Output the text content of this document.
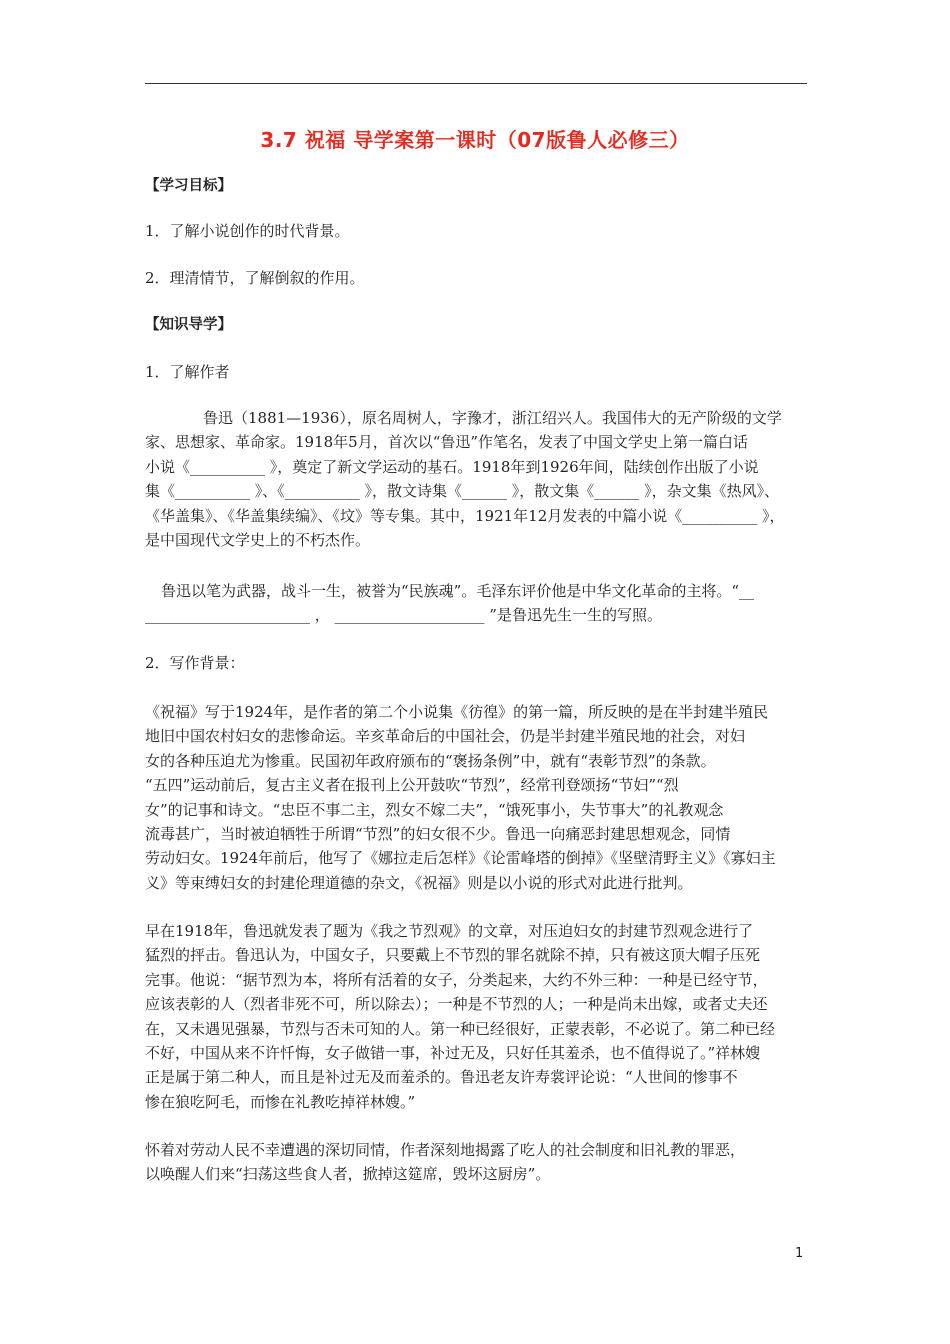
3.7 祝福 导学案第一课时（07版鲁人必修三）
【学习目标】
1．了解小说创作的时代背景。
2．理清情节，了解倒叙的作用。
【知识导学】
1．了解作者
鲁迅（1881—1936），原名周树人，字豫才，浙江绍兴人。我国伟大的无产阶级的文学
家、思想家、革命家。1918年5月，首次以“鲁迅”作笔名，发表了中国文学史上第一篇白话
小说《__________ 》，奠定了新文学运动的基石。1918年到1926年间，陆续创作出版了小说
集《__________ 》、《__________ 》，散文诗集《______ 》，散文集《______ 》，杂文集《热风》、
《华盖集》、《华盖集续编》、《坟》等专集。其中，1921年12月发表的中篇小说《__________ 》，
是中国现代文学史上的不朽杰作。
鲁迅以笔为武器，战斗一生，被誉为“民族魂”。毛泽东评价他是中华文化革命的主将。“__
______________________ ， ____________________ ”是鲁迅先生一生的写照。
2．写作背景：
《祝福》写于1924年，是作者的第二个小说集《彷徨》的第一篇，所反映的是在半封建半殖民
地旧中国农村妇女的悲惨命运。辛亥革命后的中国社会，仍是半封建半殖民地的社会，对妇
女的各种压迫尤为惨重。民国初年政府颁布的“褒扬条例”中，就有“表彰节烈”的条款。
“五四”运动前后，复古主义者在报刊上公开鼓吹“节烈”，经常刊登颂扬“节妇”“烈
女”的记事和诗文。“忠臣不事二主，烈女不嫁二夫”，“饿死事小，失节事大”的礼教观念
流毒甚广，当时被迫牺牲于所谓“节烈”的妇女很不少。鲁迅一向痛恶封建思想观念，同情
劳动妇女。1924年前后，他写了《娜拉走后怎样》《论雷峰塔的倒掉》《坚壁清野主义》《寡妇主
义》等束缚妇女的封建伦理道德的杂文，《祝福》则是以小说的形式对此进行批判。
早在1918年，鲁迅就发表了题为《我之节烈观》的文章，对压迫妇女的封建节烈观念进行了
猛烈的抨击。鲁迅认为，中国女子，只要戴上不节烈的罪名就除不掉，只有被这顶大帽子压死
完事。他说：“据节烈为本，将所有活着的女子，分类起来，大约不外三种：一种是已经守节，
应该表彰的人（烈者非死不可，所以除去）；一种是不节烈的人；一种是尚未出嫁，或者丈夫还
在，又未遇见强暴，节烈与否未可知的人。第一种已经很好，正蒙表彰，不必说了。第二种已经
不好，中国从来不许忏悔，女子做错一事，补过无及，只好任其羞杀，也不值得说了。”祥林嫂
正是属于第二种人，而且是补过无及而羞杀的。鲁迅老友许寿裳评论说：“人世间的惨事不
惨在狼吃阿毛，而惨在礼教吃掉祥林嫂。”
怀着对劳动人民不幸遭遇的深切同情，作者深刻地揭露了吃人的社会制度和旧礼教的罪恶，
以唤醒人们来“扫荡这些食人者，掀掉这筵席，毁坏这厨房”。
1
